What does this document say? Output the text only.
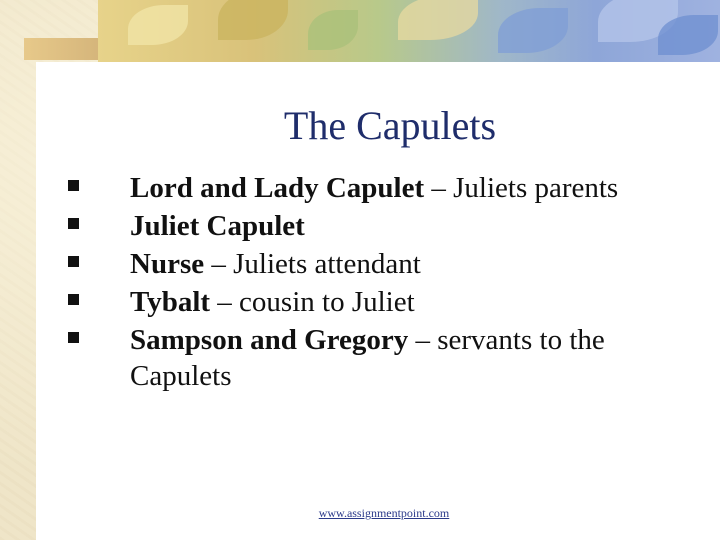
The Capulets
Lord and Lady Capulet – Juliets parents
Juliet Capulet
Nurse – Juliets attendant
Tybalt – cousin to Juliet
Sampson and Gregory – servants to the Capulets
www.assignmentpoint.com
